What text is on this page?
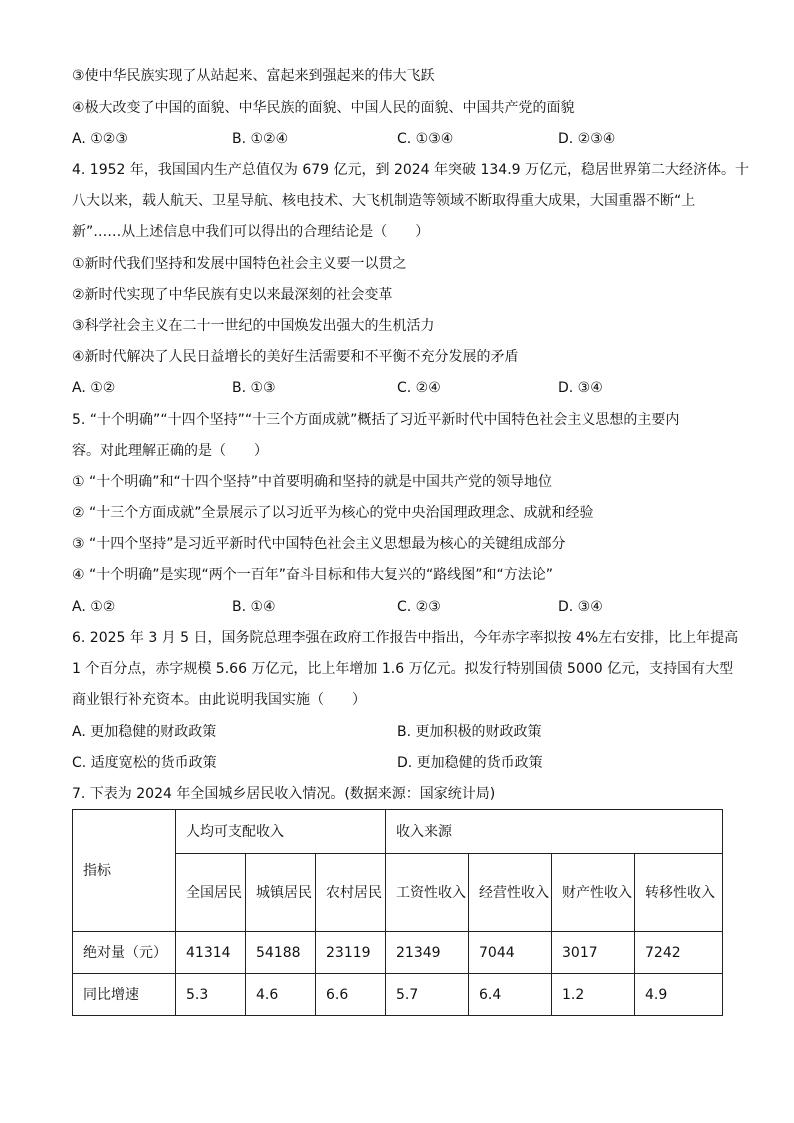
③使中华民族实现了从站起来、富起来到强起来的伟大飞跃
④极大改变了中国的面貌、中华民族的面貌、中国人民的面貌、中国共产党的面貌
A. ①②③	B. ①②④	C. ①③④	D. ②③④
4. 1952 年，我国国内生产总值仅为 679 亿元，到 2024 年突破 134.9 万亿元，稳居世界第二大经济体。十
八大以来，载人航天、卫星导航、核电技术、大飞机制造等领域不断取得重大成果，大国重器不断“上
新”……从上述信息中我们可以得出的合理结论是（　　）
①新时代我们坚持和发展中国特色社会主义要一以贯之
②新时代实现了中华民族有史以来最深刻的社会变革
③科学社会主义在二十一世纪的中国焕发出强大的生机活力
④新时代解决了人民日益增长的美好生活需要和不平衡不充分发展的矛盾
A. ①②	B. ①③	C. ②④	D. ③④
5. “十个明确”“十四个坚持”“十三个方面成就”概括了习近平新时代中国特色社会主义思想的主要内
容。对此理解正确的是（　　）
① “十个明确”和“十四个坚持”中首要明确和坚持的就是中国共产党的领导地位
② “十三个方面成就”全景展示了以习近平为核心的党中央治国理政理念、成就和经验
③ “十四个坚持”是习近平新时代中国特色社会主义思想最为核心的关键组成部分
④ “十个明确”是实现“两个一百年”奋斗目标和伟大复兴的“路线图”和“方法论”
A. ①②	B. ①④	C. ②③	D. ③④
6. 2025 年 3 月 5 日，国务院总理李强在政府工作报告中指出，今年赤字率拟按 4%左右安排，比上年提高
1 个百分点，赤字规模 5.66 万亿元，比上年增加 1.6 万亿元。拟发行特别国债 5000 亿元，支持国有大型
商业银行补充资本。由此说明我国实施（　　）
A. 更加稳健的财政政策	B. 更加积极的财政政策
C. 适度宽松的货币政策	D. 更加稳健的货币政策
7. 下表为 2024 年全国城乡居民收入情况。(数据来源：国家统计局)
指标	人均可支配收入			收入来源			
	全国居民	城镇居民	农村居民	工资性收入	经营性收入	财产性收入	转移性收入
绝对量（元）	41314	54188	23119	21349	7044	3017	7242
同比增速	5.3	4.6	6.6	5.7	6.4	1.2	4.9
